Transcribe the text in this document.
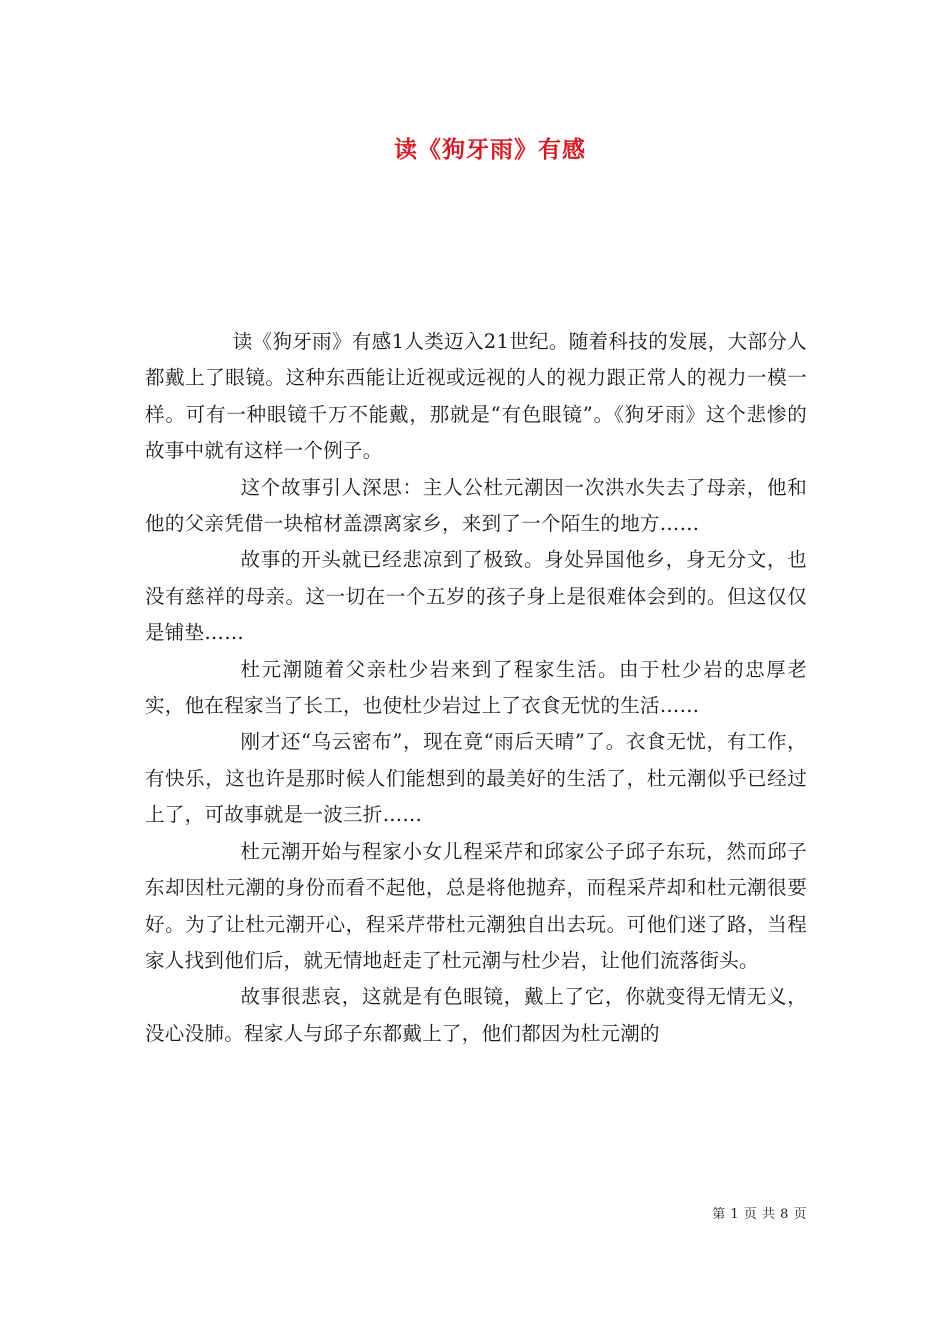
读《狗牙雨》有感

读《狗牙雨》有感1人类迈入21世纪。随着科技的发展，大部分人都戴上了眼镜。这种东西能让近视或远视的人的视力跟正常人的视力一模一样。可有一种眼镜千万不能戴，那就是“有色眼镜”。《狗牙雨》这个悲惨的故事中就有这样一个例子。

这个故事引人深思：主人公杜元潮因一次洪水失去了母亲，他和他的父亲凭借一块棺材盖漂离家乡，来到了一个陌生的地方……

故事的开头就已经悲凉到了极致。身处异国他乡，身无分文，也没有慈祥的母亲。这一切在一个五岁的孩子身上是很难体会到的。但这仅仅是铺垫……

杜元潮随着父亲杜少岩来到了程家生活。由于杜少岩的忠厚老实，他在程家当了长工，也使杜少岩过上了衣食无忧的生活……

刚才还“乌云密布”，现在竟“雨后天晴”了。衣食无忧，有工作，有快乐，这也许是那时候人们能想到的最美好的生活了，杜元潮似乎已经过上了，可故事就是一波三折……

杜元潮开始与程家小女儿程采芹和邱家公子邱子东玩，然而邱子东却因杜元潮的身份而看不起他，总是将他抛弃，而程采芹却和杜元潮很要好。为了让杜元潮开心，程采芹带杜元潮独自出去玩。可他们迷了路，当程家人找到他们后，就无情地赶走了杜元潮与杜少岩，让他们流落街头。

故事很悲哀，这就是有色眼镜，戴上了它，你就变得无情无义，没心没肺。程家人与邱子东都戴上了，他们都因为杜元潮的

第 1 页 共 8 页
